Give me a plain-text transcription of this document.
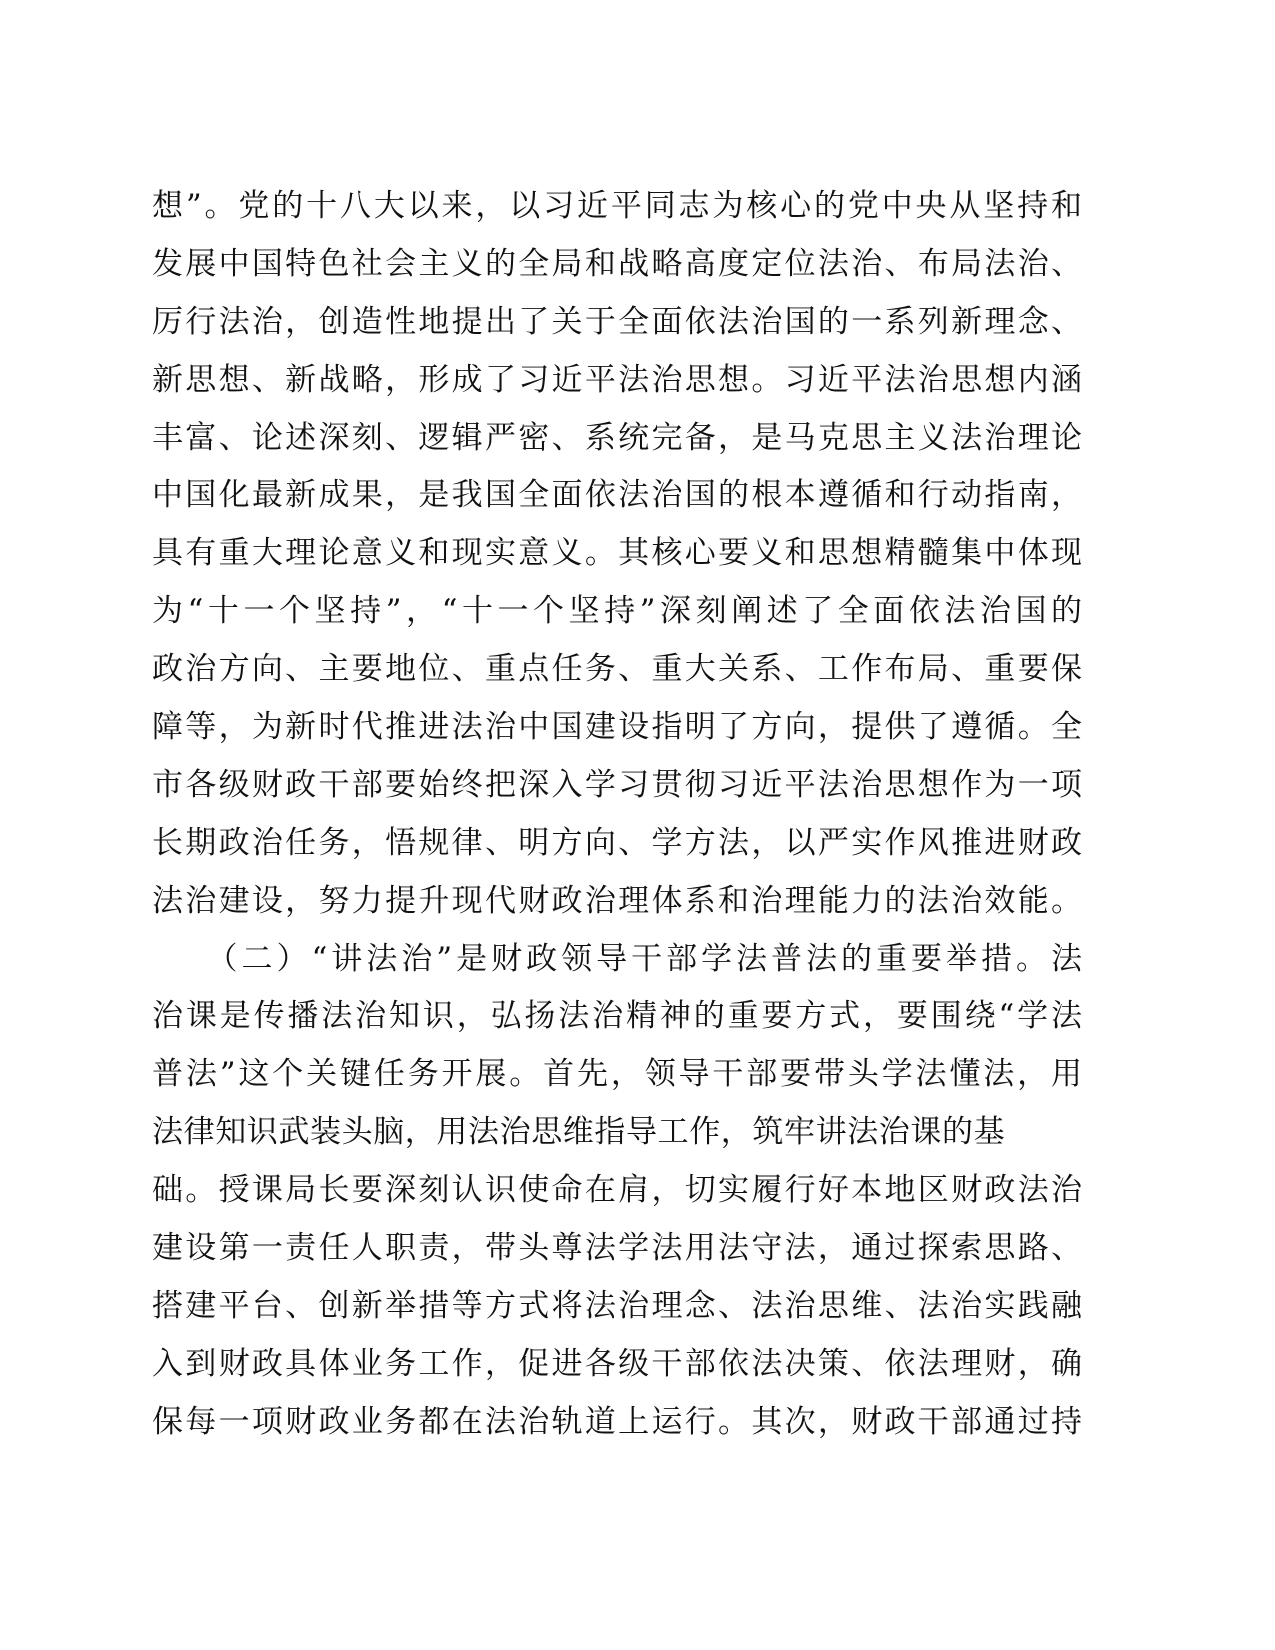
想”。党的十八大以来，以习近平同志为核心的党中央从坚持和
发展中国特色社会主义的全局和战略高度定位法治、布局法治、
厉行法治，创造性地提出了关于全面依法治国的一系列新理念、
新思想、新战略，形成了习近平法治思想。习近平法治思想内涵
丰富、论述深刻、逻辑严密、系统完备，是马克思主义法治理论
中国化最新成果，是我国全面依法治国的根本遵循和行动指南，
具有重大理论意义和现实意义。其核心要义和思想精髓集中体现
为“十一个坚持”，“十一个坚持”深刻阐述了全面依法治国的
政治方向、主要地位、重点任务、重大关系、工作布局、重要保
障等，为新时代推进法治中国建设指明了方向，提供了遵循。全
市各级财政干部要始终把深入学习贯彻习近平法治思想作为一项
长期政治任务，悟规律、明方向、学方法，以严实作风推进财政
法治建设，努力提升现代财政治理体系和治理能力的法治效能。
　　（二）“讲法治”是财政领导干部学法普法的重要举措。法
治课是传播法治知识，弘扬法治精神的重要方式，要围绕“学法
普法”这个关键任务开展。首先，领导干部要带头学法懂法，用
法律知识武装头脑，用法治思维指导工作，筑牢讲法治课的基
础。授课局长要深刻认识使命在肩，切实履行好本地区财政法治
建设第一责任人职责，带头尊法学法用法守法，通过探索思路、
搭建平台、创新举措等方式将法治理念、法治思维、法治实践融
入到财政具体业务工作，促进各级干部依法决策、依法理财，确
保每一项财政业务都在法治轨道上运行。其次，财政干部通过持
